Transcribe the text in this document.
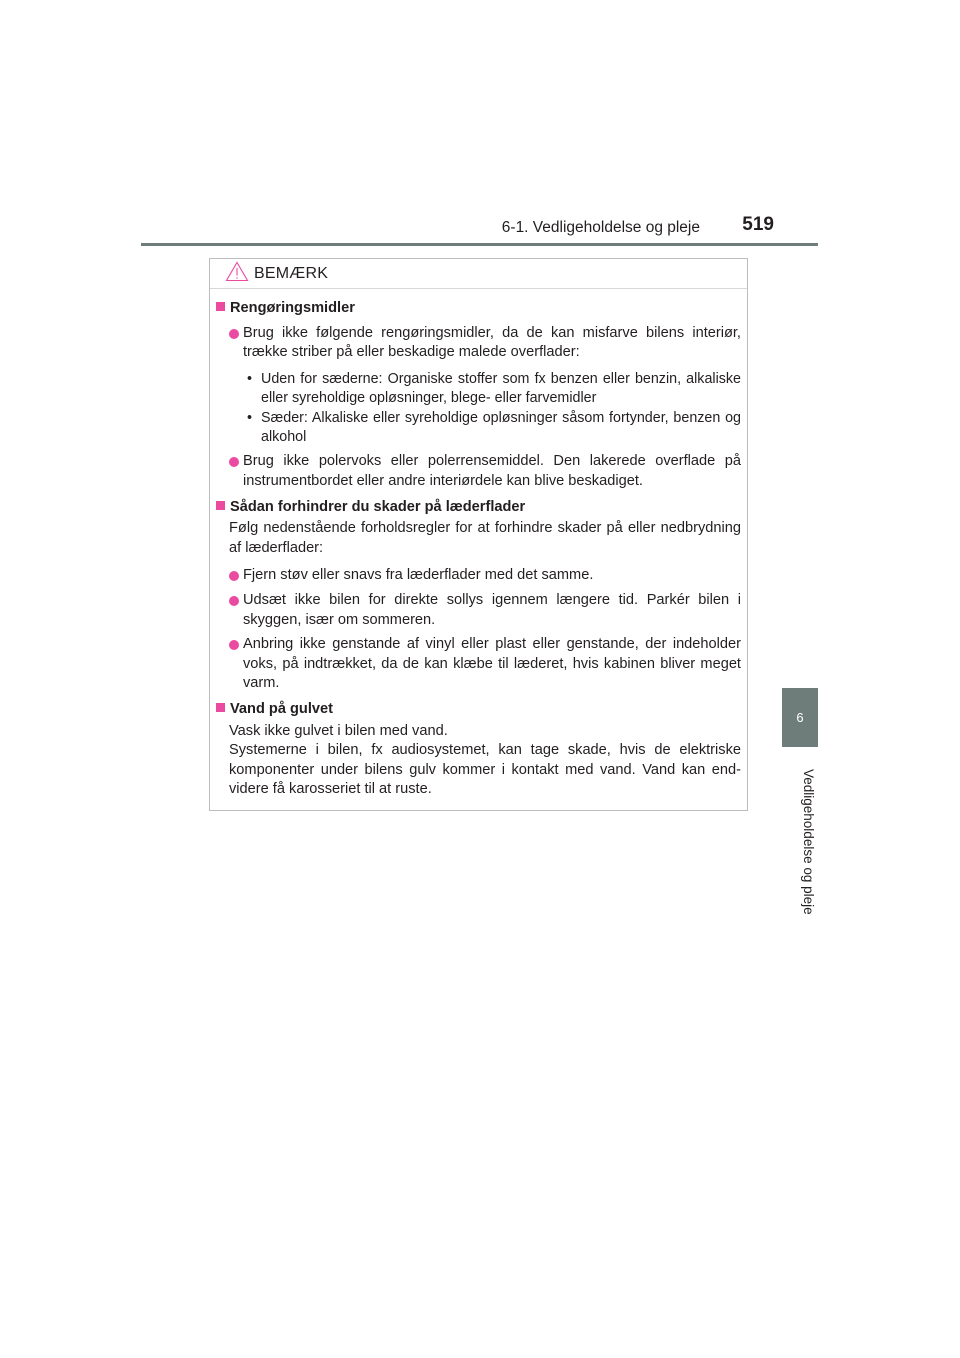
6-1. Vedligeholdelse og pleje	519
6
Vedligeholdelse og pleje
BEMÆRK
Rengøringsmidler
Brug ikke følgende rengøringsmidler, da de kan misfarve bilens interiør, trække striber på eller beskadige malede overflader:
• Uden for sæderne: Organiske stoffer som fx benzen eller benzin, alkaliske eller syreholdige opløsninger, blege- eller farvemidler
• Sæder: Alkaliske eller syreholdige opløsninger såsom fortynder, benzen og alkohol
Brug ikke polervoks eller polerrensemiddel. Den lakerede overflade på instrumentbordet eller andre interiørdele kan blive beskadiget.
Sådan forhindrer du skader på læderflader
Følg nedenstående forholdsregler for at forhindre skader på eller nedbrydning af læderflader:
Fjern støv eller snavs fra læderflader med det samme.
Udsæt ikke bilen for direkte sollys igennem længere tid. Parkér bilen i skyggen, især om sommeren.
Anbring ikke genstande af vinyl eller plast eller genstande, der indeholder voks, på indtrækket, da de kan klæbe til læderet, hvis kabinen bliver meget varm.
Vand på gulvet
Vask ikke gulvet i bilen med vand.
Systemerne i bilen, fx audiosystemet, kan tage skade, hvis de elektriske komponenter under bilens gulv kommer i kontakt med vand. Vand kan end-videre få karosseriet til at ruste.
